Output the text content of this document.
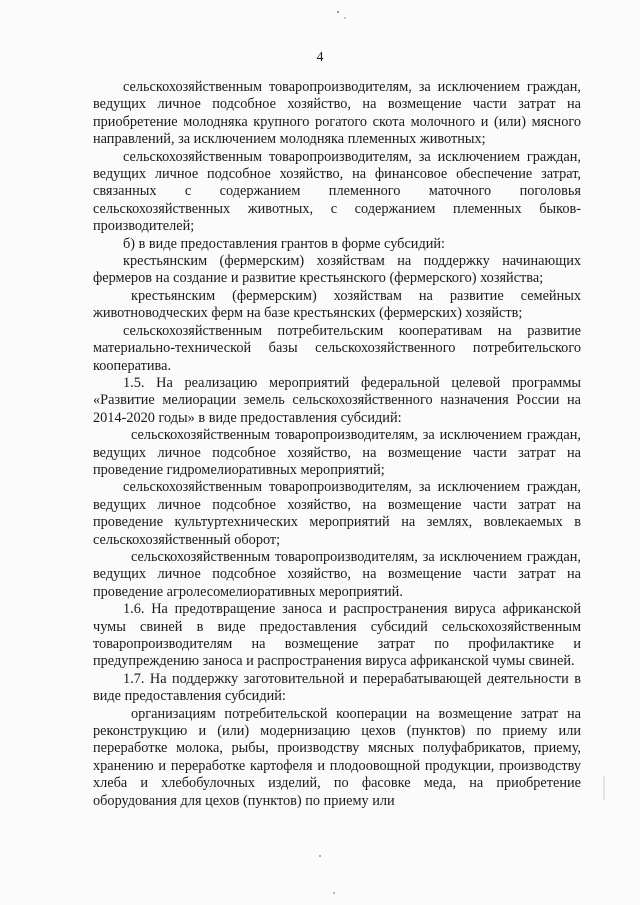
4

сельскохозяйственным товаропроизводителям, за исключением граждан, ведущих личное подсобное хозяйство, на возмещение части затрат на приобретение молодняка крупного рогатого скота молочного и (или) мясного направлений, за исключением молодняка племенных животных;

сельскохозяйственным товаропроизводителям, за исключением граждан, ведущих личное подсобное хозяйство, на финансовое обеспечение затрат, связанных с содержанием племенного маточного поголовья сельскохозяйственных животных, с содержанием племенных быков-производителей;

б) в виде предоставления грантов в форме субсидий:

крестьянским (фермерским) хозяйствам на поддержку начинающих фермеров на создание и развитие крестьянского (фермерского) хозяйства;

крестьянским (фермерским) хозяйствам на развитие семейных животноводческих ферм на базе крестьянских (фермерских) хозяйств;

сельскохозяйственным потребительским кооперативам на развитие материально-технической базы сельскохозяйственного потребительского кооператива.

1.5. На реализацию мероприятий федеральной целевой программы «Развитие мелиорации земель сельскохозяйственного назначения России на 2014-2020 годы» в виде предоставления субсидий:

сельскохозяйственным товаропроизводителям, за исключением граждан, ведущих личное подсобное хозяйство, на возмещение части затрат на проведение гидромелиоративных мероприятий;

сельскохозяйственным товаропроизводителям, за исключением граждан, ведущих личное подсобное хозяйство, на возмещение части затрат на проведение культуртехнических мероприятий на землях, вовлекаемых в сельскохозяйственный оборот;

сельскохозяйственным товаропроизводителям, за исключением граждан, ведущих личное подсобное хозяйство, на возмещение части затрат на проведение агролесомелиоративных мероприятий.

1.6. На предотвращение заноса и распространения вируса африканской чумы свиней в виде предоставления субсидий сельскохозяйственным товаропроизводителям на возмещение затрат по профилактике и предупреждению заноса и распространения вируса африканской чумы свиней.

1.7. На поддержку заготовительной и перерабатывающей деятельности в виде предоставления субсидий:

организациям потребительской кооперации на возмещение затрат на реконструкцию и (или) модернизацию цехов (пунктов) по приему или переработке молока, рыбы, производству мясных полуфабрикатов, приему, хранению и переработке картофеля и плодоовощной продукции, производству хлеба и хлебобулочных изделий, по фасовке меда, на приобретение оборудования для цехов (пунктов) по приему или
